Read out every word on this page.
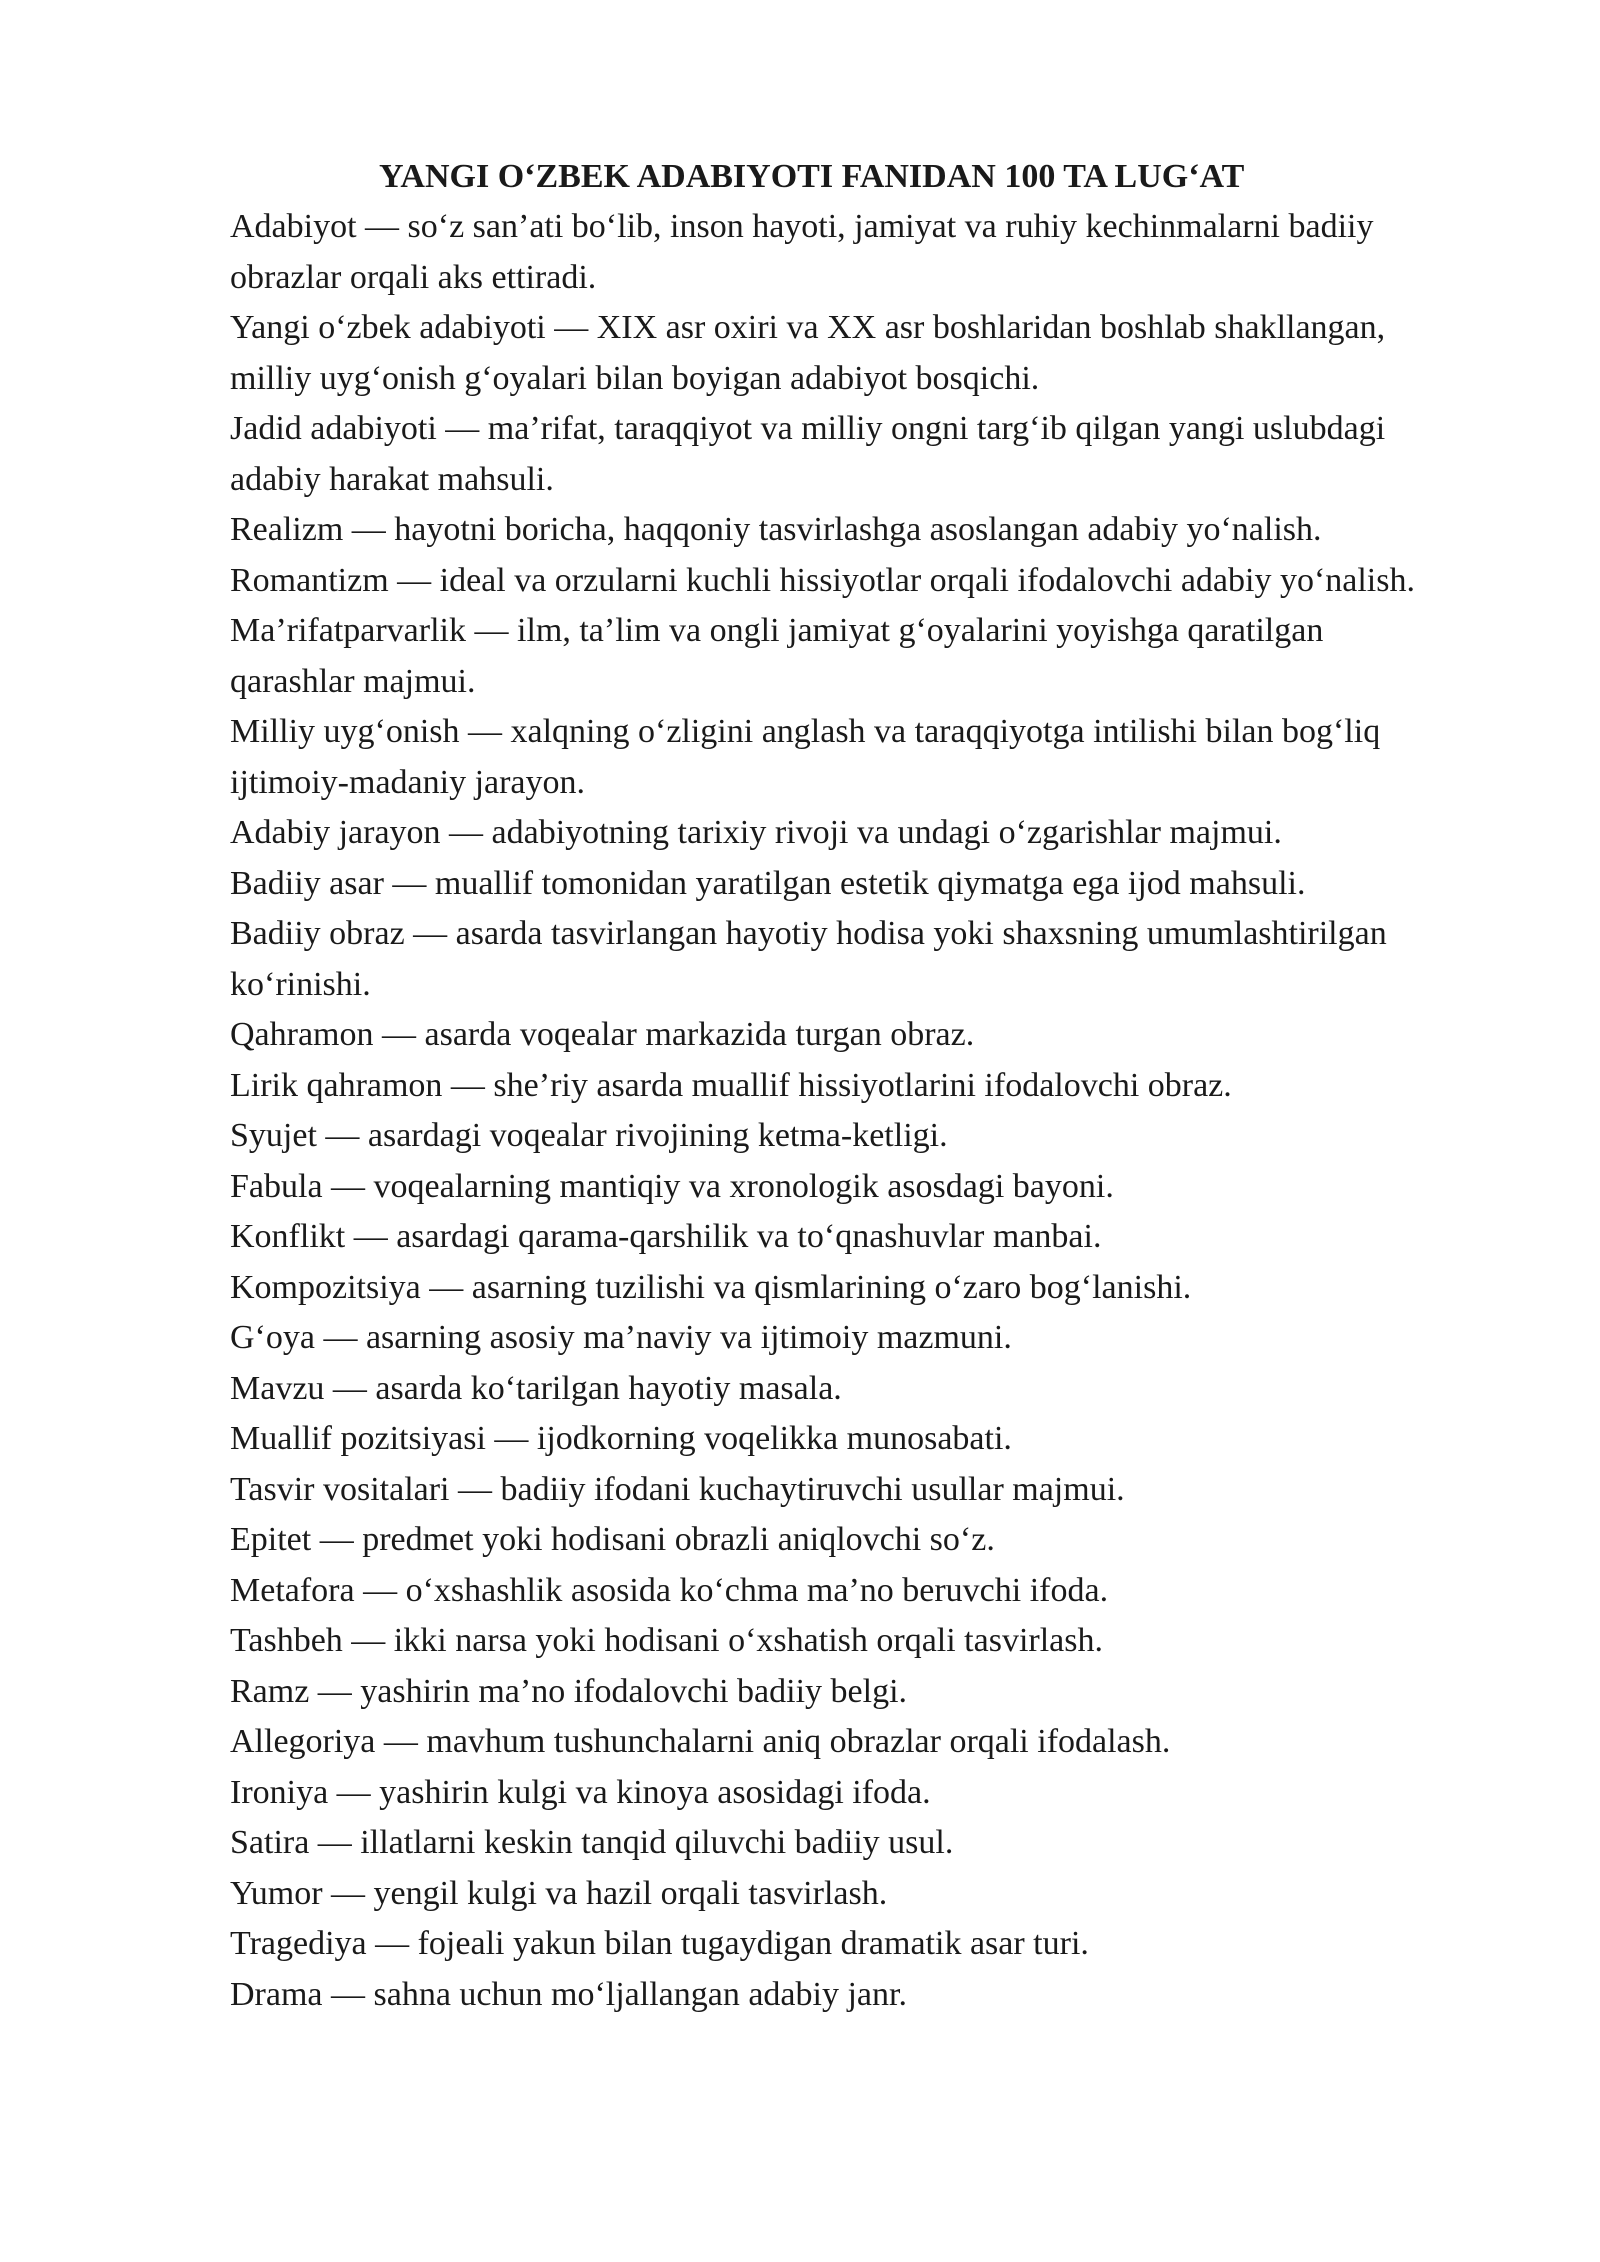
YANGI O‘ZBEK ADABIYOTI FANIDAN 100 TA LUG‘AT

Adabiyot — so‘z san’ati bo‘lib, inson hayoti, jamiyat va ruhiy kechinmalarni badiiy obrazlar orqali aks ettiradi.

Yangi o‘zbek adabiyoti — XIX asr oxiri va XX asr boshlaridan boshlab shakllangan, milliy uyg‘onish g‘oyalari bilan boyigan adabiyot bosqichi.

Jadid adabiyoti — ma’rifat, taraqqiyot va milliy ongni targ‘ib qilgan yangi uslubdagi adabiy harakat mahsuli.

Realizm — hayotni boricha, haqqoniy tasvirlashga asoslangan adabiy yo‘nalish.

Romantizm — ideal va orzularni kuchli hissiyotlar orqali ifodalovchi adabiy yo‘nalish.

Ma’rifatparvarlik — ilm, ta’lim va ongli jamiyat g‘oyalarini yoyishga qaratilgan qarashlar majmui.

Milliy uyg‘onish — xalqning o‘zligini anglash va taraqqiyotga intilishi bilan bog‘liq ijtimoiy-madaniy jarayon.

Adabiy jarayon — adabiyotning tarixiy rivoji va undagi o‘zgarishlar majmui.

Badiiy asar — muallif tomonidan yaratilgan estetik qiymatga ega ijod mahsuli.

Badiiy obraz — asarda tasvirlangan hayotiy hodisa yoki shaxsning umumlashtirilgan ko‘rinishi.

Qahramon — asarda voqealar markazida turgan obraz.

Lirik qahramon — she’riy asarda muallif hissiyotlarini ifodalovchi obraz.

Syujet — asardagi voqealar rivojining ketma-ketligi.

Fabula — voqealarning mantiqiy va xronologik asosdagi bayoni.

Konflikt — asardagi qarama-qarshilik va to‘qnashuvlar manbai.

Kompozitsiya — asarning tuzilishi va qismlarining o‘zaro bog‘lanishi.

G‘oya — asarning asosiy ma’naviy va ijtimoiy mazmuni.

Mavzu — asarda ko‘tarilgan hayotiy masala.

Muallif pozitsiyasi — ijodkorning voqelikka munosabati.

Tasvir vositalari — badiiy ifodani kuchaytiruvchi usullar majmui.

Epitet — predmet yoki hodisani obrazli aniqlovchi so‘z.

Metafora — o‘xshashlik asosida ko‘chma ma’no beruvchi ifoda.

Tashbeh — ikki narsa yoki hodisani o‘xshatish orqali tasvirlash.

Ramz — yashirin ma’no ifodalovchi badiiy belgi.

Allegoriya — mavhum tushunchalarni aniq obrazlar orqali ifodalash.

Ironiya — yashirin kulgi va kinoya asosidagi ifoda.

Satira — illatlarni keskin tanqid qiluvchi badiiy usul.

Yumor — yengil kulgi va hazil orqali tasvirlash.

Tragediya — fojeali yakun bilan tugaydigan dramatik asar turi.

Drama — sahna uchun mo‘ljallangan adabiy janr.
